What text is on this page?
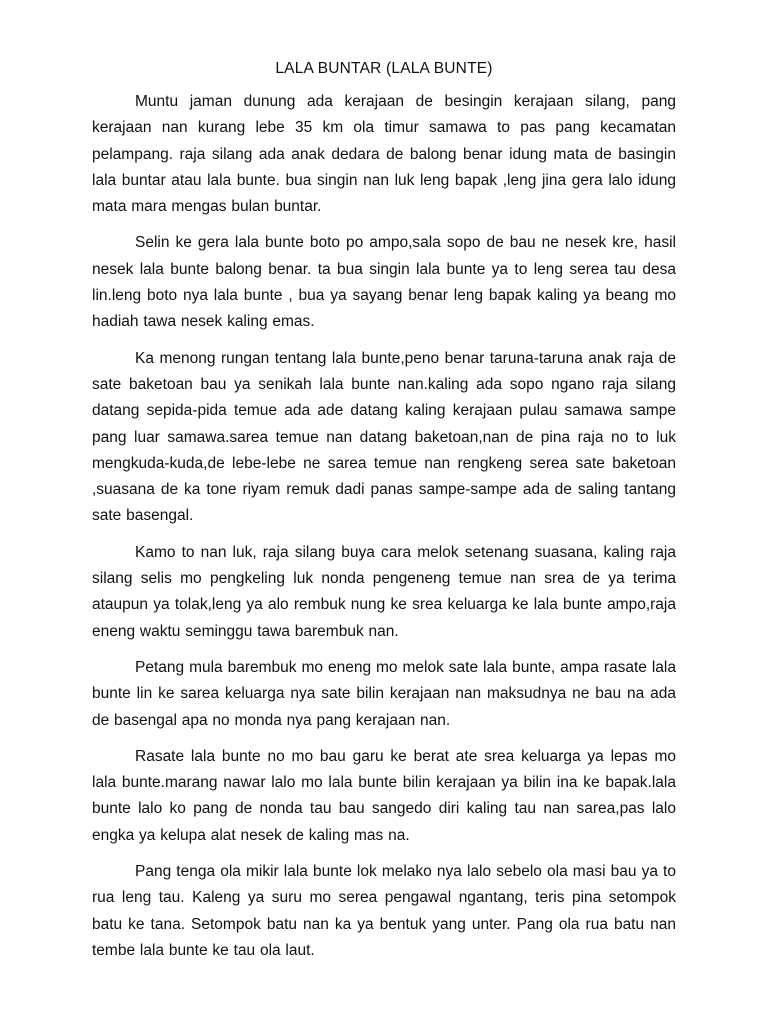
LALA BUNTAR (LALA BUNTE)

Muntu jaman dunung ada kerajaan de besingin kerajaan silang, pang kerajaan nan kurang lebe 35 km ola timur samawa to pas pang kecamatan pelampang. raja silang ada anak dedara de balong benar idung mata de basingin lala buntar atau lala bunte. bua singin nan luk leng bapak ,leng jina gera lalo idung mata mara mengas bulan buntar.

Selin ke gera lala bunte boto po ampo,sala sopo de bau ne nesek kre, hasil nesek lala bunte balong benar. ta bua singin lala bunte ya to leng serea tau desa lin.leng boto nya lala bunte , bua ya sayang benar leng bapak kaling ya beang mo hadiah tawa nesek kaling emas.

Ka menong rungan tentang lala bunte,peno benar taruna-taruna anak raja de sate baketoan bau ya senikah lala bunte nan.kaling ada sopo ngano raja silang datang sepida-pida temue ada ade datang kaling kerajaan pulau samawa sampe pang luar samawa.sarea temue nan datang baketoan,nan de pina raja no to luk mengkuda-kuda,de lebe-lebe ne sarea temue nan rengkeng serea sate baketoan ,suasana de ka tone riyam remuk dadi panas sampe-sampe ada de saling tantang sate basengal.

Kamo to nan luk, raja silang buya cara melok setenang suasana, kaling raja silang selis mo pengkeling luk nonda pengeneng temue nan srea de ya terima ataupun ya tolak,leng ya alo rembuk nung ke srea keluarga ke lala bunte ampo,raja eneng waktu seminggu tawa barembuk nan.

Petang mula barembuk mo eneng mo melok sate lala bunte, ampa rasate lala bunte lin ke sarea keluarga nya sate bilin kerajaan nan maksudnya ne bau na ada de basengal apa no monda nya pang kerajaan nan.

Rasate lala bunte no mo bau garu ke berat ate srea keluarga ya lepas mo lala bunte.marang nawar lalo mo lala bunte bilin kerajaan ya bilin ina ke bapak.lala bunte lalo ko pang de nonda tau bau sangedo diri kaling tau nan sarea,pas lalo engka ya kelupa alat nesek de kaling mas na.

Pang tenga ola mikir lala bunte lok melako nya lalo sebelo ola masi bau ya to rua leng tau. Kaleng ya suru mo serea pengawal ngantang, teris pina setompok batu ke tana. Setompok batu nan ka ya bentuk yang unter. Pang ola rua batu nan tembe lala bunte ke tau ola laut.
